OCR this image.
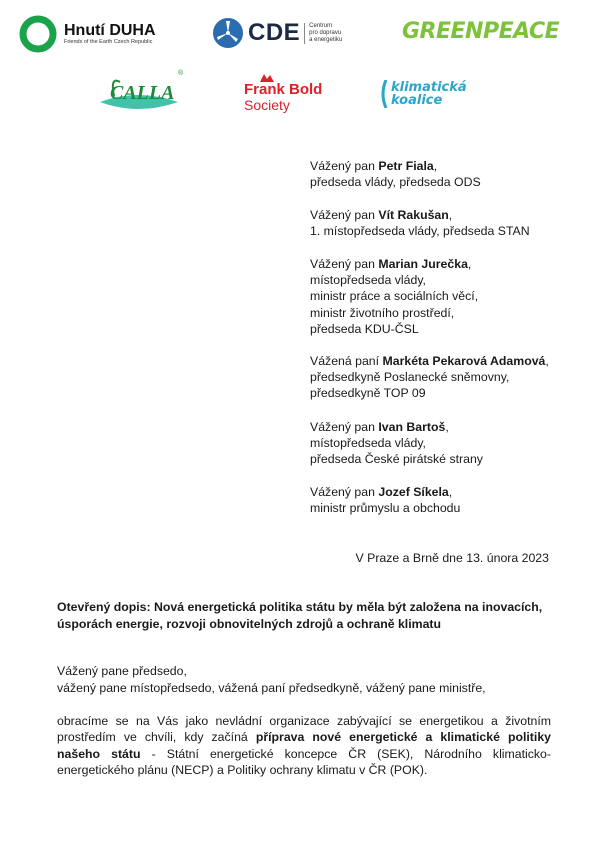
Hnutí DUHA
Friends of the Earth Czech Republic	CDE Centrum
pro dopravu
a energetiku	GREENPEACE
CALLA
®
Frank Bold
Society
klimatická
koalice
Vážený pan Petr Fiala,
předseda vlády, předseda ODS
Vážený pan Vít Rakušan,
1. místopředseda vlády, předseda STAN
Vážený pan Marian Jurečka,
místopředseda vlády,
ministr práce a sociálních věcí,
ministr životního prostředí,
předseda KDU-ČSL
Vážená paní Markéta Pekarová Adamová,
předsedkyně Poslanecké sněmovny,
předsedkyně TOP 09
Vážený pan Ivan Bartoš,
místopředseda vlády,
předseda České pirátské strany
Vážený pan Jozef Síkela,
ministr průmyslu a obchodu
V Praze a Brně dne 13. února 2023
Otevřený dopis: Nová energetická politika státu by měla být založena na inovacích, úsporách energie, rozvoji obnovitelných zdrojů a ochraně klimatu
Vážený pane předsedo,
vážený pane místopředsedo, vážená paní předsedkyně, vážený pane ministře,
obracíme se na Vás jako nevládní organizace zabývající se energetikou a životním prostředím ve chvíli, kdy začíná příprava nové energetické a klimatické politiky našeho státu - Státní energetické koncepce ČR (SEK), Národního klimaticko-energetického plánu (NECP) a Politiky ochrany klimatu v ČR (POK).
